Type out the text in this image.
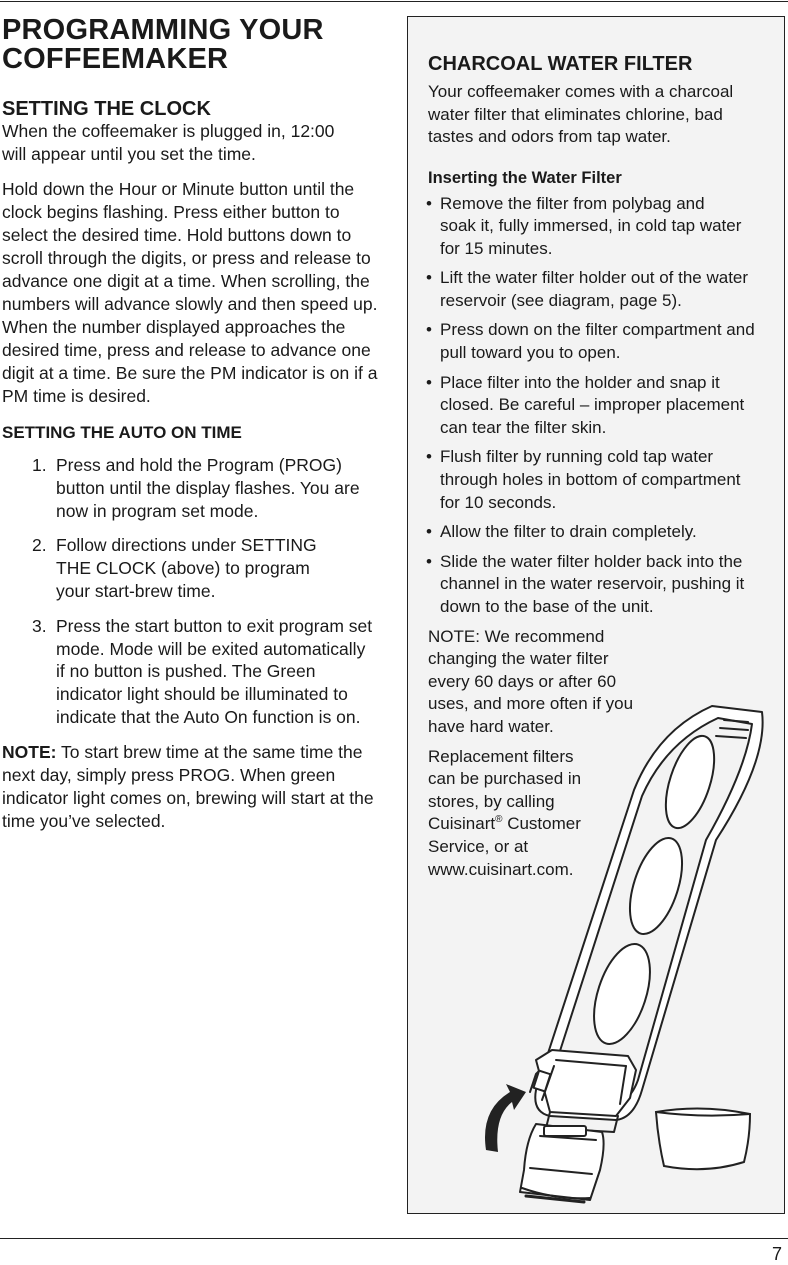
PROGRAMMING YOUR
COFFEEMAKER
SETTING THE CLOCK

When the coffeemaker is plugged in, 12:00 will appear until you set the time.

Hold down the Hour or Minute button until the clock begins flashing. Press either button to select the desired time. Hold buttons down to scroll through the digits, or press and release to advance one digit at a time. When scrolling, the numbers will advance slowly and then speed up. When the number displayed approaches the desired time, press and release to advance one digit at a time. Be sure the PM indicator is on if a PM time is desired.

SETTING THE AUTO ON TIME
1. Press and hold the Program (PROG) button until the display flashes. You are now in program set mode.
2. Follow directions under SETTING THE CLOCK (above) to program your start-brew time.
3. Press the start button to exit program set mode. Mode will be exited automatically if no button is pushed. The Green indicator light should be illuminated to indicate that the Auto On function is on.

NOTE: To start brew time at the same time the next day, simply press PROG. When green indicator light comes on, brewing will start at the time you’ve selected.

CHARCOAL WATER FILTER

Your coffeemaker comes with a charcoal water filter that eliminates chlorine, bad tastes and odors from tap water.

Inserting the Water Filter
• Remove the filter from polybag and soak it, fully immersed, in cold tap water for 15 minutes.
• Lift the water filter holder out of the water reservoir (see diagram, page 5).
• Press down on the filter compartment and pull toward you to open.
• Place filter into the holder and snap it closed. Be careful – improper placement can tear the filter skin.
• Flush filter by running cold tap water through holes in bottom of compartment for 10 seconds.
• Allow the filter to drain completely.
• Slide the water filter holder back into the channel in the water reservoir, pushing it down to the base of the unit.

NOTE: We recommend changing the water filter every 60 days or after 60 uses, and more often if you have hard water.

Replacement filters can be purchased in stores, by calling Cuisinart® Customer Service, or at www.cuisinart.com.

7
